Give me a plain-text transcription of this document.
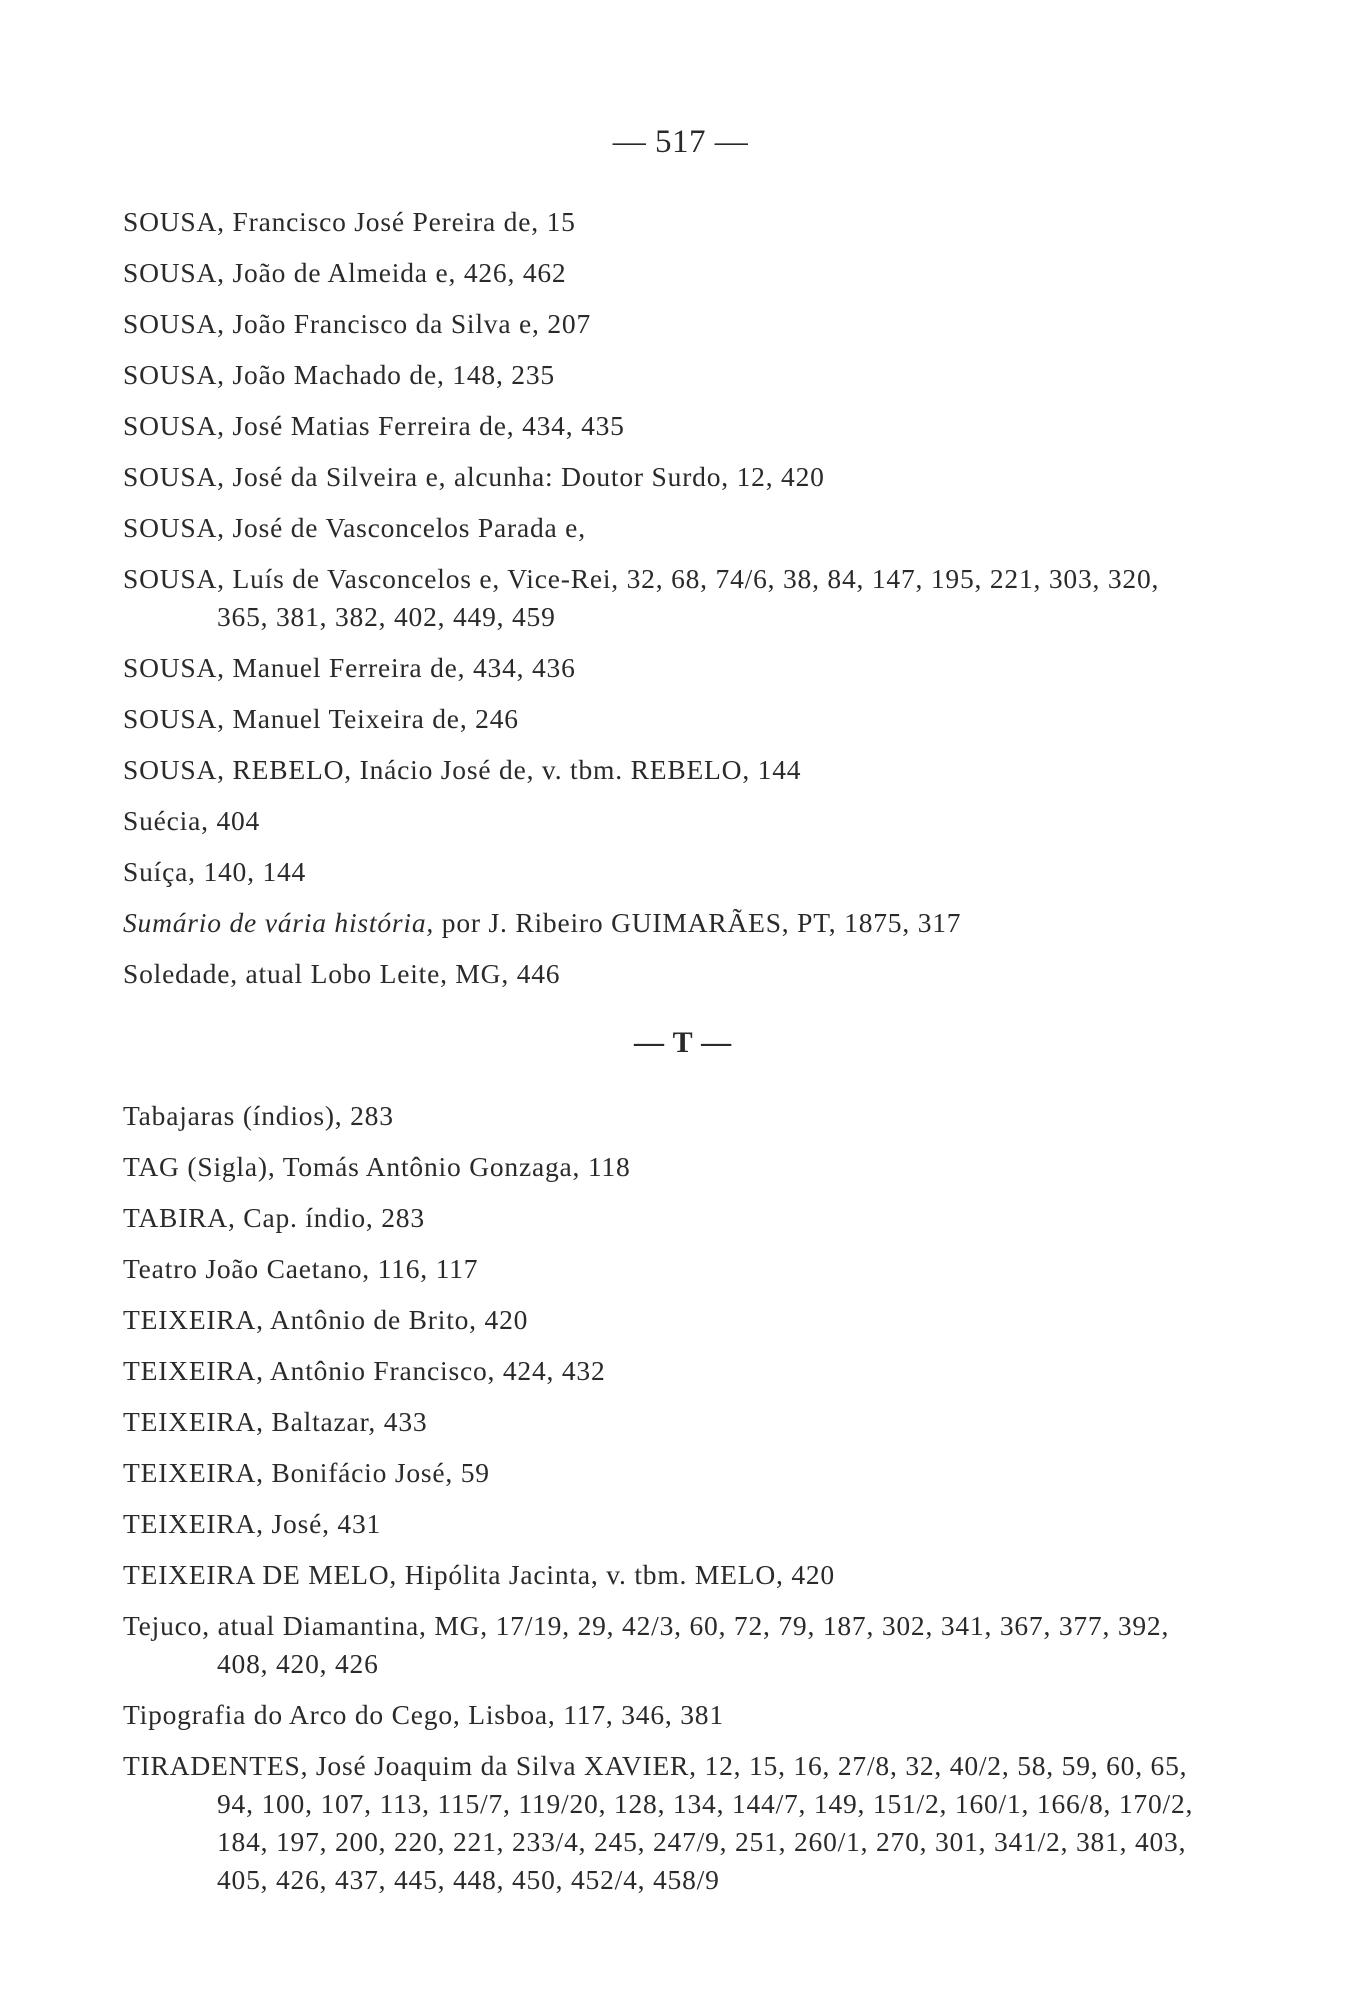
— 517 —
SOUSA, Francisco José Pereira de, 15
SOUSA, João de Almeida e, 426, 462
SOUSA, João Francisco da Silva e, 207
SOUSA, João Machado de, 148, 235
SOUSA, José Matias Ferreira de, 434, 435
SOUSA, José da Silveira e, alcunha: Doutor Surdo, 12, 420
SOUSA, José de Vasconcelos Parada e,
SOUSA, Luís de Vasconcelos e, Vice-Rei, 32, 68, 74/6, 38, 84, 147, 195, 221, 303, 320, 365, 381, 382, 402, 449, 459
SOUSA, Manuel Ferreira de, 434, 436
SOUSA, Manuel Teixeira de, 246
SOUSA, REBELO, Inácio José de, v. tbm. REBELO, 144
Suécia, 404
Suíça, 140, 144
Sumário de vária história, por J. Ribeiro GUIMARÃES, PT, 1875, 317
Soledade, atual Lobo Leite, MG, 446
— T —
Tabajaras (índios), 283
TAG (Sigla), Tomás Antônio Gonzaga, 118
TABIRA, Cap. índio, 283
Teatro João Caetano, 116, 117
TEIXEIRA, Antônio de Brito, 420
TEIXEIRA, Antônio Francisco, 424, 432
TEIXEIRA, Baltazar, 433
TEIXEIRA, Bonifácio José, 59
TEIXEIRA, José, 431
TEIXEIRA DE MELO, Hipólita Jacinta, v. tbm. MELO, 420
Tejuco, atual Diamantina, MG, 17/19, 29, 42/3, 60, 72, 79, 187, 302, 341, 367, 377, 392, 408, 420, 426
Tipografia do Arco do Cego, Lisboa, 117, 346, 381
TIRADENTES, José Joaquim da Silva XAVIER, 12, 15, 16, 27/8, 32, 40/2, 58, 59, 60, 65, 94, 100, 107, 113, 115/7, 119/20, 128, 134, 144/7, 149, 151/2, 160/1, 166/8, 170/2, 184, 197, 200, 220, 221, 233/4, 245, 247/9, 251, 260/1, 270, 301, 341/2, 381, 403, 405, 426, 437, 445, 448, 450, 452/4, 458/9
